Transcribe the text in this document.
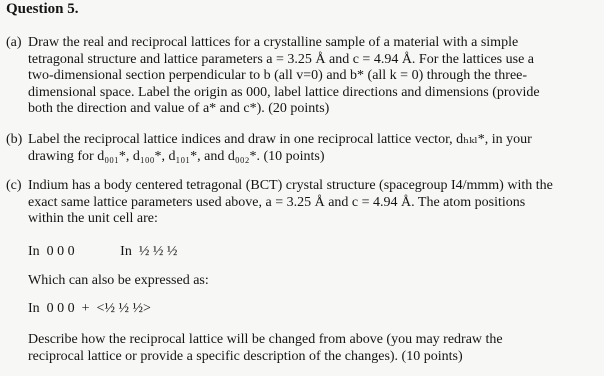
Question 5.
(a) Draw the real and reciprocal lattices for a crystalline sample of a material with a simple
tetragonal structure and lattice parameters a = 3.25 Å and c = 4.94 Å. For the lattices use a
two-dimensional section perpendicular to b (all v=0) and b* (all k = 0) through the three-
dimensional space. Label the origin as 000, label lattice directions and dimensions (provide
both the direction and value of a* and c*). (20 points)
(b) Label the reciprocal lattice indices and draw in one reciprocal lattice vector, dₕₖₗ*, in your
drawing for d₀₀₁*, d₁₀₀*, d₁₀₁*, and d₀₀₂*. (10 points)
(c) Indium has a body centered tetragonal (BCT) crystal structure (spacegroup I4/mmm) with the
exact same lattice parameters used above, a = 3.25 Å and c = 4.94 Å. The atom positions
within the unit cell are:
In  0 0 0             In  ½ ½ ½
Which can also be expressed as:
In  0 0 0  +  <½ ½ ½>
Describe how the reciprocal lattice will be changed from above (you may redraw the
reciprocal lattice or provide a specific description of the changes). (10 points)
